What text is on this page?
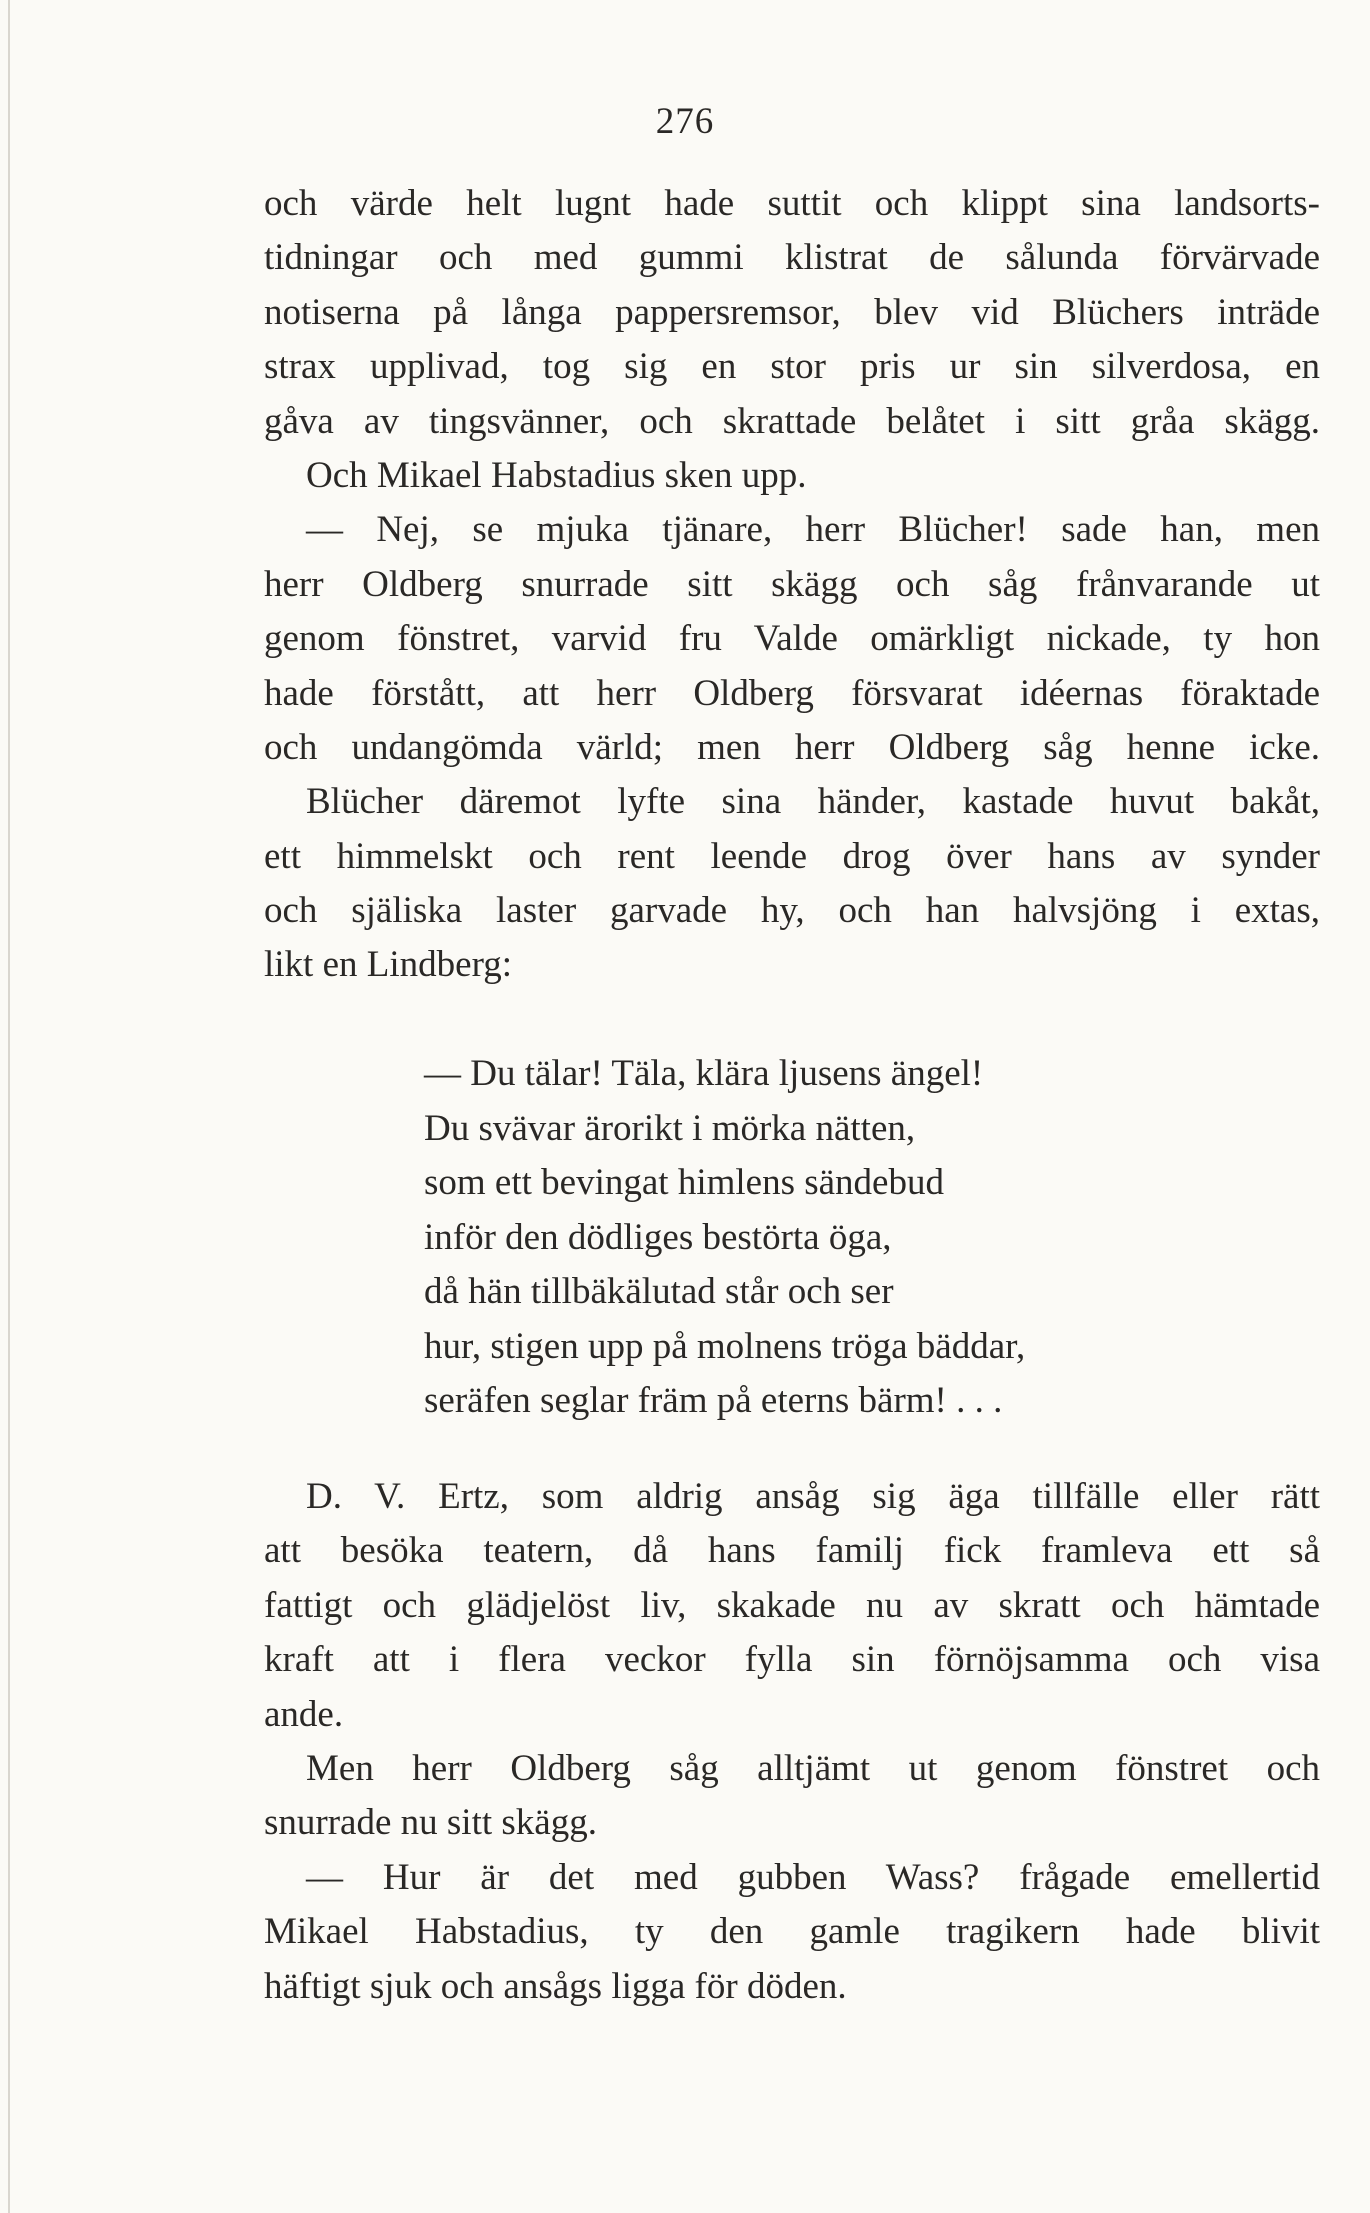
276
och värde helt lugnt hade suttit och klippt sina landsorts-
tidningar och med gummi klistrat de sålunda förvärvade
notiserna på långa pappersremsor, blev vid Blüchers inträde
strax upplivad, tog sig en stor pris ur sin silverdosa, en
gåva av tingsvänner, och skrattade belåtet i sitt gråa skägg.
Och Mikael Habstadius sken upp.
— Nej, se mjuka tjänare, herr Blücher! sade han, men
herr Oldberg snurrade sitt skägg och såg frånvarande ut
genom fönstret, varvid fru Valde omärkligt nickade, ty hon
hade förstått, att herr Oldberg försvarat idéernas föraktade
och undangömda värld; men herr Oldberg såg henne icke.
Blücher däremot lyfte sina händer, kastade huvut bakåt,
ett himmelskt och rent leende drog över hans av synder
och själiska laster garvade hy, och han halvsjöng i extas,
likt en Lindberg:
— Du tälar! Täla, klära ljusens ängel!
Du svävar ärorikt i mörka nätten,
som ett bevingat himlens sändebud
inför den dödliges bestörta öga,
då hän tillbäkälutad står och ser
hur, stigen upp på molnens tröga bäddar,
seräfen seglar främ på eterns bärm! . . .
D. V. Ertz, som aldrig ansåg sig äga tillfälle eller rätt
att besöka teatern, då hans familj fick framleva ett så
fattigt och glädjelöst liv, skakade nu av skratt och hämtade
kraft att i flera veckor fylla sin förnöjsamma och visa
ande.
Men herr Oldberg såg alltjämt ut genom fönstret och
snurrade nu sitt skägg.
— Hur är det med gubben Wass? frågade emellertid
Mikael Habstadius, ty den gamle tragikern hade blivit
häftigt sjuk och ansågs ligga för döden.
